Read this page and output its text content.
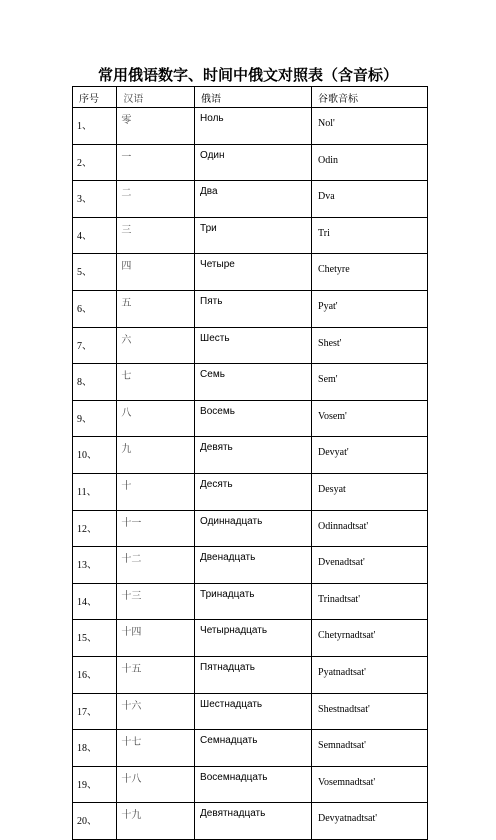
常用俄语数字、时间中俄文对照表（含音标）
序号	汉语	俄语	谷歌音标
1、	零	Ноль	Nol'
2、	一	Один	Odin
3、	二	Два	Dva
4、	三	Три	Tri
5、	四	Четыре	Chetyre
6、	五	Пять	Pyat'
7、	六	Шесть	Shest'
8、	七	Семь	Sem'
9、	八	Восемь	Vosem'
10、	九	Девять	Devyat'
11、	十	Десять	Desyat
12、	十一	Одиннадцать	Odinnadtsat'
13、	十二	Двенадцать	Dvenadtsat'
14、	十三	Тринадцать	Trinadtsat'
15、	十四	Четырнадцать	Chetyrnadtsat'
16、	十五	Пятнадцать	Pyatnadtsat'
17、	十六	Шестнадцать	Shestnadtsat'
18、	十七	Семнадцать	Semnadtsat'
19、	十八	Восемнадцать	Vosemnadtsat'
20、	十九	Девятнадцать	Devyatnadtsat'
